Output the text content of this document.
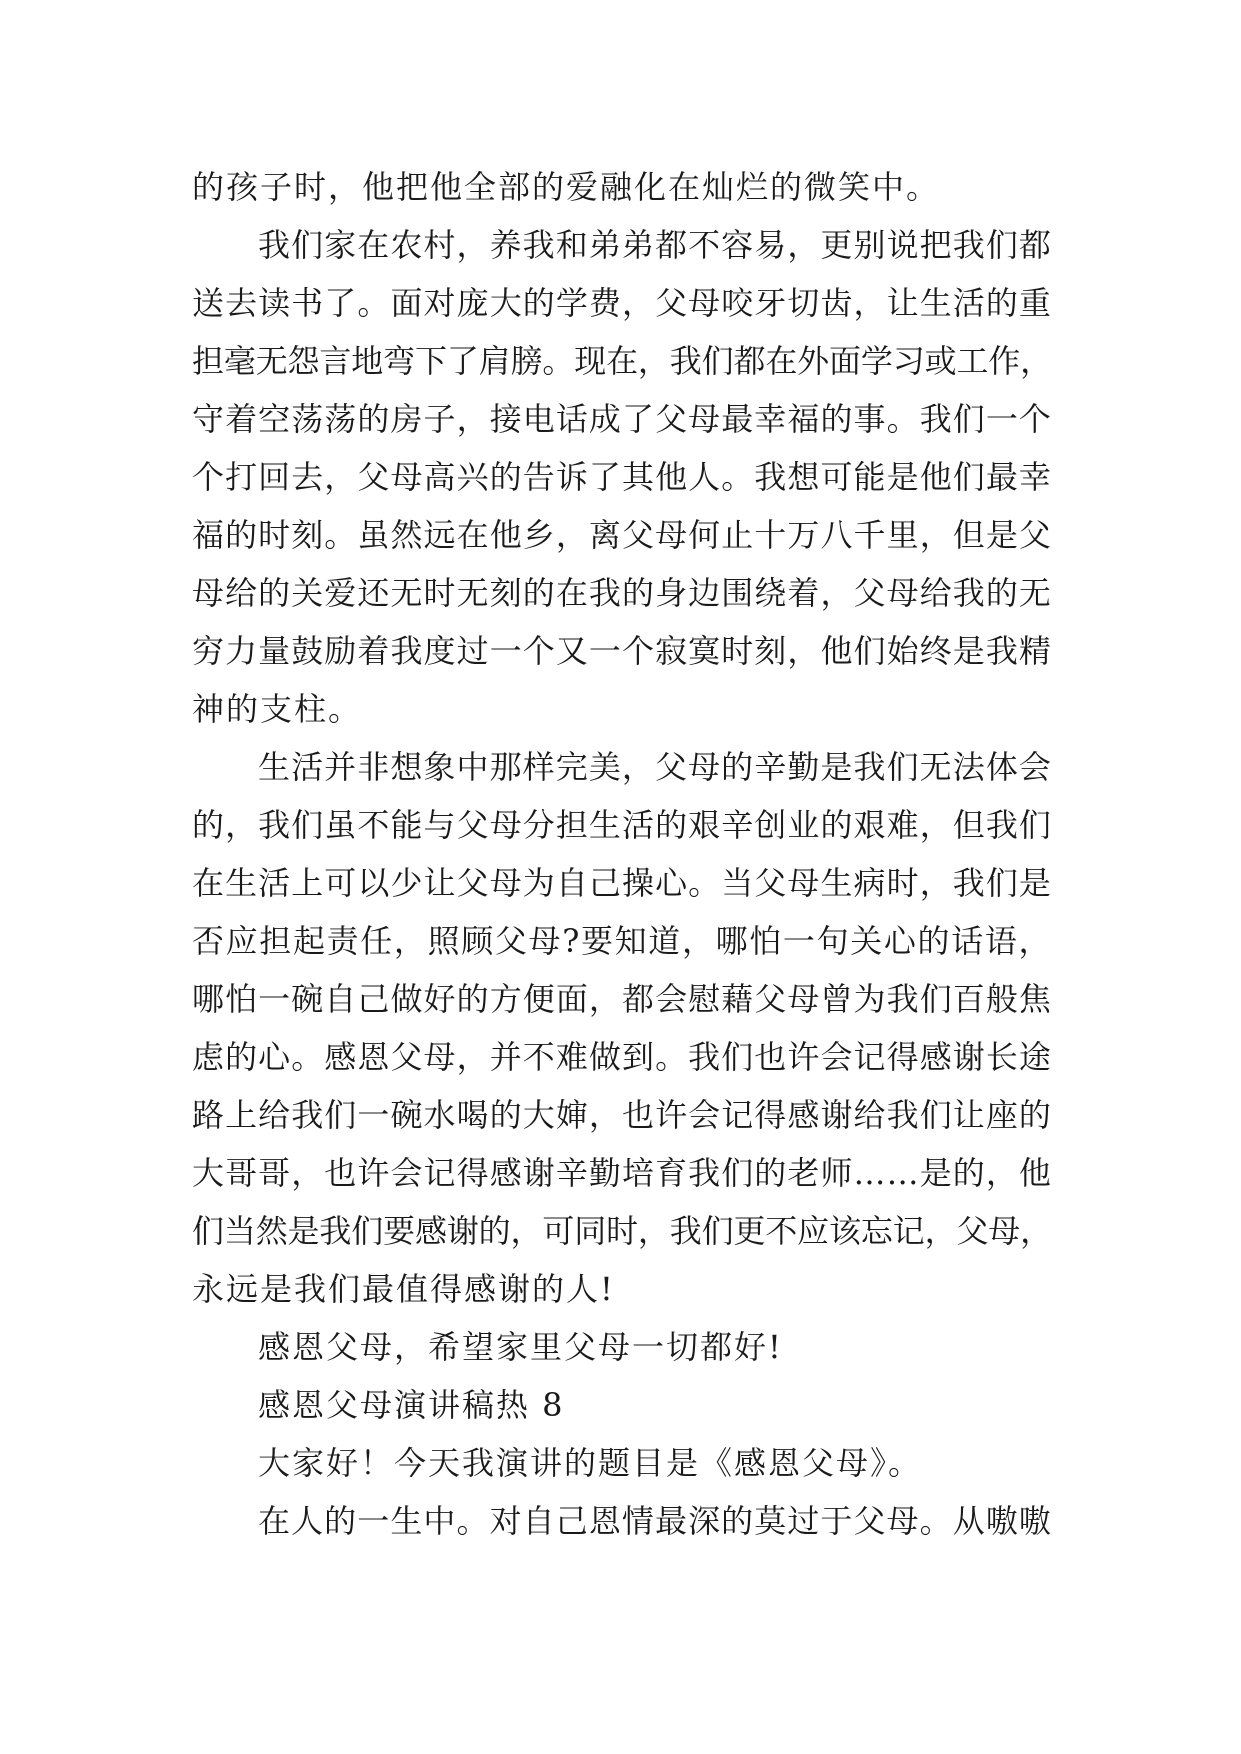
的孩子时，他把他全部的爱融化在灿烂的微笑中。

我们家在农村，养我和弟弟都不容易，更别说把我们都
送去读书了。面对庞大的学费，父母咬牙切齿，让生活的重
担毫无怨言地弯下了肩膀。现在，我们都在外面学习或工作，
守着空荡荡的房子，接电话成了父母最幸福的事。我们一个
个打回去，父母高兴的告诉了其他人。我想可能是他们最幸
福的时刻。虽然远在他乡，离父母何止十万八千里，但是父
母给的关爱还无时无刻的在我的身边围绕着，父母给我的无
穷力量鼓励着我度过一个又一个寂寞时刻，他们始终是我精
神的支柱。

生活并非想象中那样完美，父母的辛勤是我们无法体会
的，我们虽不能与父母分担生活的艰辛创业的艰难，但我们
在生活上可以少让父母为自己操心。当父母生病时，我们是
否应担起责任，照顾父母?要知道，哪怕一句关心的话语，
哪怕一碗自己做好的方便面，都会慰藉父母曾为我们百般焦
虑的心。感恩父母，并不难做到。我们也许会记得感谢长途
路上给我们一碗水喝的大婶，也许会记得感谢给我们让座的
大哥哥，也许会记得感谢辛勤培育我们的老师……是的，他
们当然是我们要感谢的，可同时，我们更不应该忘记，父母，
永远是我们最值得感谢的人!

感恩父母，希望家里父母一切都好!

感恩父母演讲稿热 8

大家好！今天我演讲的题目是《感恩父母》。

在人的一生中。对自己恩情最深的莫过于父母。从嗷嗷
